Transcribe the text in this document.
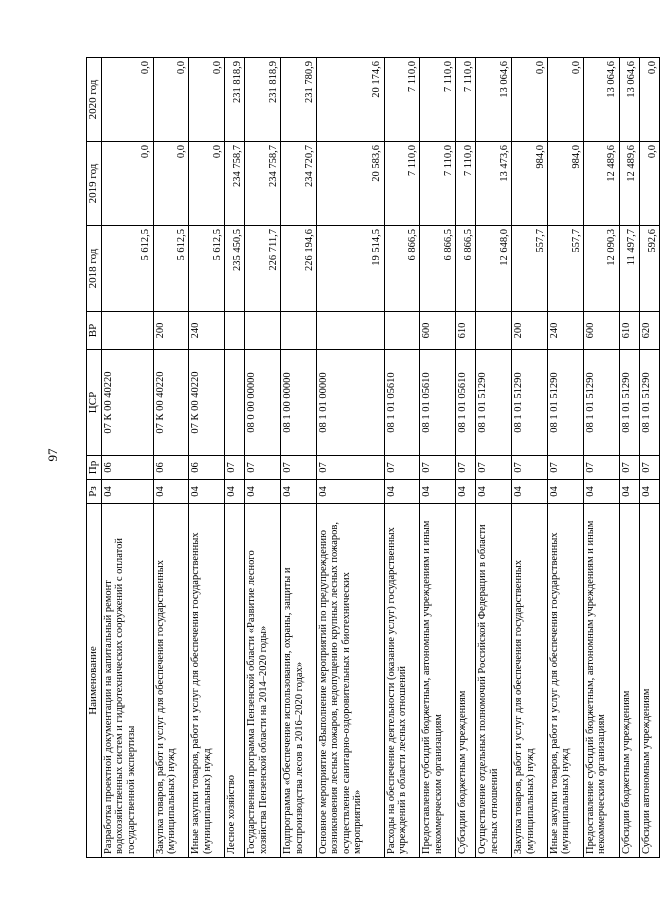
97
Наименование	Рз	Пр	ЦСР	ВР	2018 год	2019 год	2020 год
Разработка проектной документации на капитальный ремонт водохозяйственных систем и гидротехнических сооружений с оплатой государственной экспертизы	04	06	07 К 00 40220		5 612,5	0,0	0,0
Закупка товаров, работ и услуг для обеспечения государственных (муниципальных) нужд	04	06	07 К 00 40220	200	5 612,5	0,0	0,0
Иные закупки товаров, работ и услуг для обеспечения государственных (муниципальных) нужд	04	06	07 К 00 40220	240	5 612,5	0,0	0,0
Лесное хозяйство	04	07			235 450,5	234 758,7	231 818,9
Государственная программа Пензенской области «Развитие лесного хозяйства Пензенской области на 2014–2020 годы»	04	07	08 0 00 00000		226 711,7	234 758,7	231 818,9
Подпрограмма «Обеспечение использования, охраны, защиты и воспроизводства лесов в 2016–2020 годах»	04	07	08 1 00 00000		226 194,6	234 720,7	231 780,9
Основное мероприятие «Выполнение мероприятий по предупреждению возникновения лесных пожаров, недопущению крупных лесных пожаров, осуществление санитарно-оздоровительных и биотехнических мероприятий»	04	07	08 1 01 00000		19 514,5	20 583,6	20 174,6
Расходы на обеспечение деятельности (оказание услуг) государственных учреждений в области лесных отношений	04	07	08 1 01 05610		6 866,5	7 110,0	7 110,0
Предоставление субсидий бюджетным, автономным учреждениям и иным некоммерческим организациям	04	07	08 1 01 05610	600	6 866,5	7 110,0	7 110,0
Субсидии бюджетным учреждениям	04	07	08 1 01 05610	610	6 866,5	7 110,0	7 110,0
Осуществление отдельных полномочий Российской Федерации в области лесных отношений	04	07	08 1 01 51290		12 648,0	13 473,6	13 064,6
Закупка товаров, работ и услуг для обеспечения государственных (муниципальных) нужд	04	07	08 1 01 51290	200	557,7	984,0	0,0
Иные закупки товаров, работ и услуг для обеспечения государственных (муниципальных) нужд	04	07	08 1 01 51290	240	557,7	984,0	0,0
Предоставление субсидий бюджетным, автономным учреждениям и иным некоммерческим организациям	04	07	08 1 01 51290	600	12 090,3	12 489,6	13 064,6
Субсидии бюджетным учреждениям	04	07	08 1 01 51290	610	11 497,7	12 489,6	13 064,6
Субсидии автономным учреждениям	04	07	08 1 01 51290	620	592,6	0,0	0,0
